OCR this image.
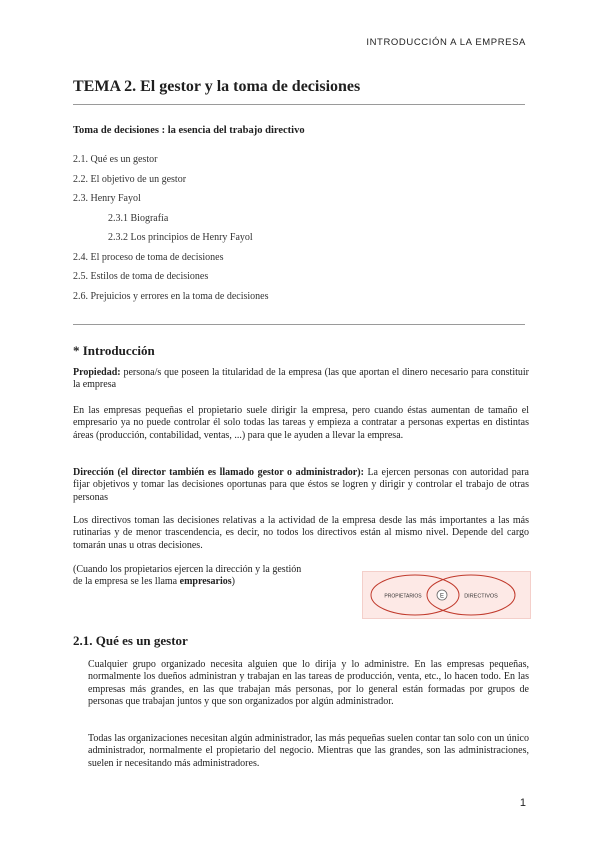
INTRODUCCIÓN A LA EMPRESA
TEMA 2. El gestor y la toma de decisiones
Toma de decisiones : la esencia del trabajo directivo
2.1. Qué es un gestor
2.2. El objetivo de un gestor
2.3. Henry Fayol
2.3.1 Biografía
2.3.2 Los principios de Henry Fayol
2.4. El proceso de toma de decisiones
2.5. Estilos de toma de decisiones
2.6. Prejuicios y errores en la toma de decisiones
* Introducción
Propiedad: persona/s que poseen la titularidad de la empresa (las que aportan el dinero necesario para constituir la empresa
En las empresas pequeñas el propietario suele dirigir la empresa, pero cuando éstas aumentan de tamaño el empresario ya no puede controlar él solo todas las tareas y empieza a contratar a personas expertas en distintas áreas (producción, contabilidad, ventas, ...) para que le ayuden a llevar la empresa.
Dirección (el director también es llamado gestor o administrador): La ejercen personas con autoridad para fijar objetivos y tomar las decisiones oportunas para que éstos se logren y dirigir y controlar el trabajo de otras personas
Los directivos toman las decisiones relativas a la actividad de la empresa desde las más importantes a las más rutinarias y de menor trascendencia, es decir, no todos los directivos están al mismo nivel. Depende del cargo tomarán unas u otras decisiones.
(Cuando los propietarios ejercen la dirección y la gestión de la empresa se les llama empresarios)
PROPIETARIOS	E	DIRECTIVOS
2.1. Qué es un gestor
Cualquier grupo organizado necesita alguien que lo dirija y lo administre. En las empresas pequeñas, normalmente los dueños administran y trabajan en las tareas de producción, venta, etc., lo hacen todo. En las empresas más grandes, en las que trabajan más personas, por lo general están formadas por grupos de personas que trabajan juntos y que son organizados por algún administrador.
Todas las organizaciones necesitan algún administrador, las más pequeñas suelen contar tan solo con un único administrador, normalmente el propietario del negocio. Mientras que las grandes, son las administraciones, suelen ir necesitando más administradores.
1
